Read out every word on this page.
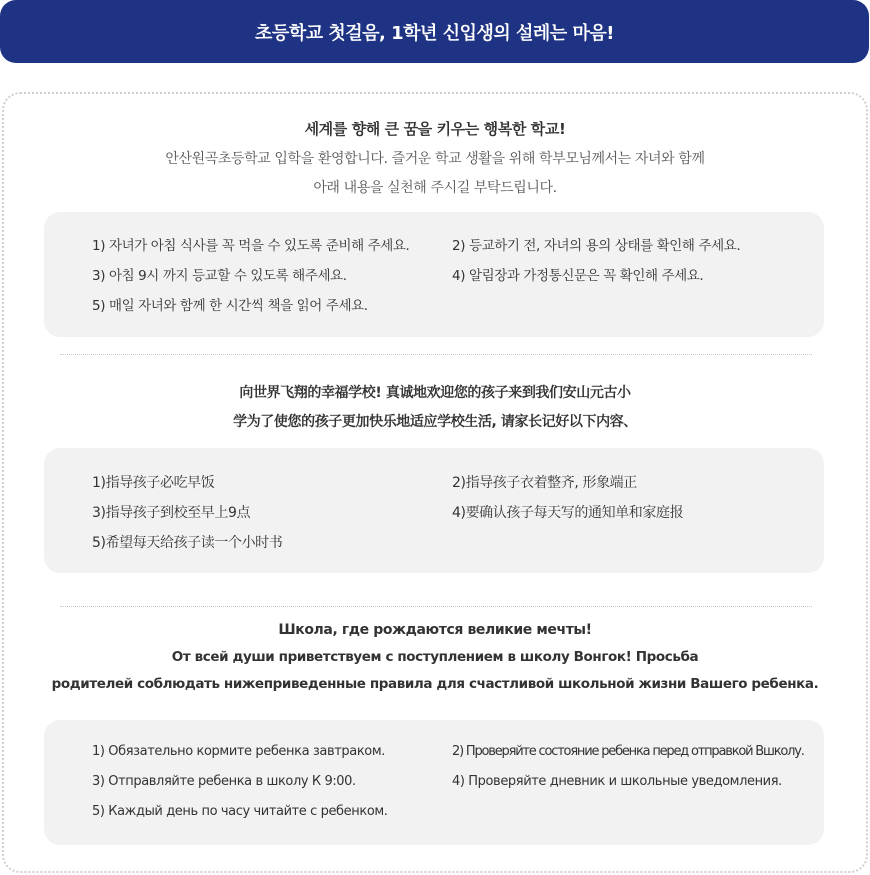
초등학교 첫걸음, 1학년 신입생의 설레는 마음!
세계를 향해 큰 꿈을 키우는 행복한 학교!
안산원곡초등학교 입학을 환영합니다. 즐거운 학교 생활을 위해 학부모님께서는 자녀와 함께
아래 내용을 실천해 주시길 부탁드립니다.
1) 자녀가 아침 식사를 꼭 먹을 수 있도록 준비해 주세요.	2) 등교하기 전, 자녀의 용의 상태를 확인해 주세요.
3) 아침 9시 까지 등교할 수 있도록 해주세요.	4) 알림장과 가정통신문은 꼭 확인해 주세요.
5) 매일 자녀와 함께 한 시간씩 책을 읽어 주세요.
向世界飞翔的幸福学校! 真诚地欢迎您的孩子来到我们安山元古小
学为了使您的孩子更加快乐地适应学校生活, 请家长记好以下内容、
1)指导孩子必吃早饭	2)指导孩子衣着整齐, 形象端正
3)指导孩子到校至早上9点	4)要确认孩子每天写的通知单和家庭报
5)希望每天给孩子读一个小时书
Школа, где рождаются великие мечты!
От всей души приветствуем с поступлением в школу Вонгок! Просьба
родителей соблюдать нижеприведенные правила для счастливой школьной жизни Вашего ребенка.
1) Обязательно кормите ребенка завтраком.	2) Проверяйте состояние ребенка перед отправкой Вшколу.
3) Отправляйте ребенка в школу К 9:00.	4) Проверяйте дневник и школьные уведомления.
5) Каждый день по часу читайте с ребенком.
